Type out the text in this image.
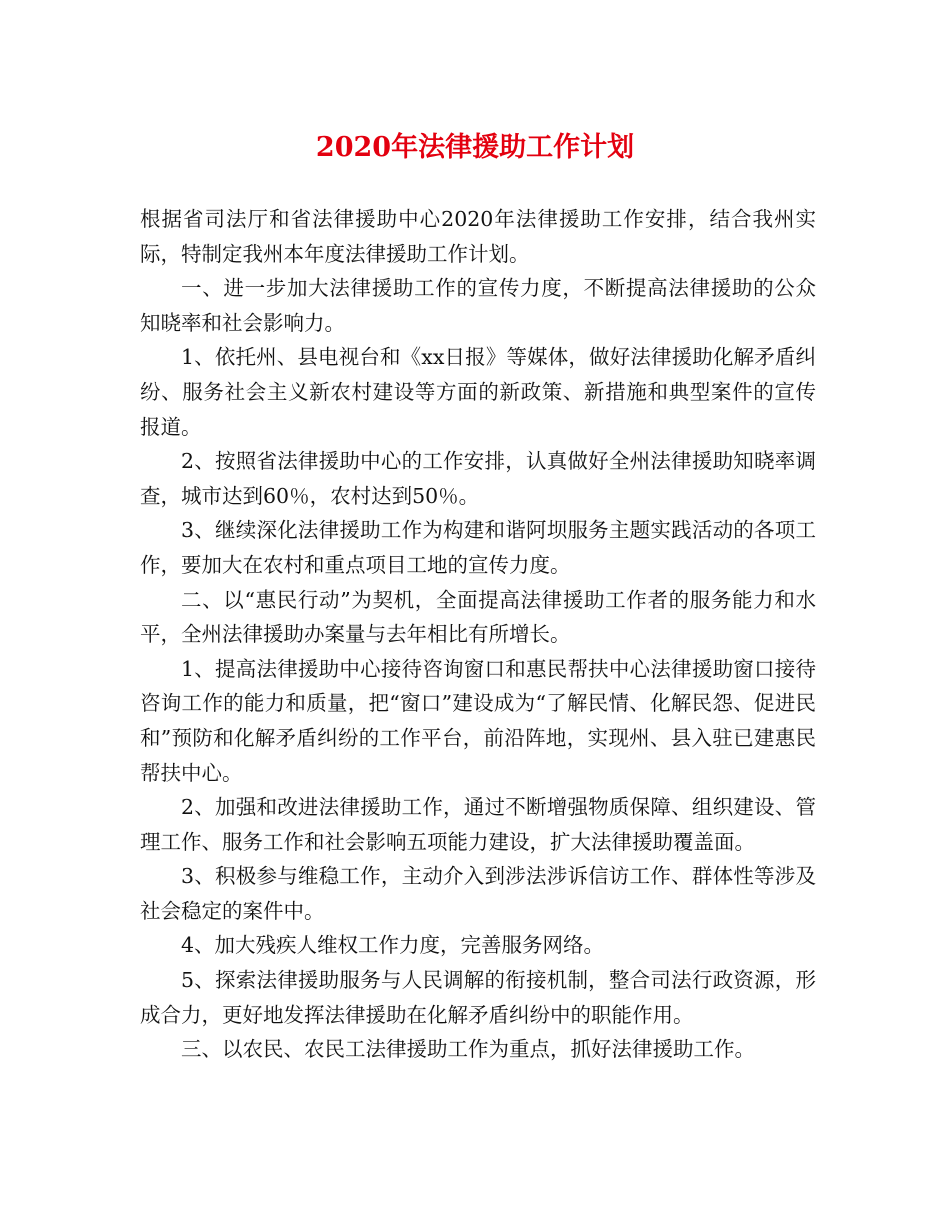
2020年法律援助工作计划

根据省司法厅和省法律援助中心2020年法律援助工作安排，结合我州实际，特制定我州本年度法律援助工作计划。

一、进一步加大法律援助工作的宣传力度，不断提高法律援助的公众知晓率和社会影响力。

1、依托州、县电视台和《xx日报》等媒体，做好法律援助化解矛盾纠纷、服务社会主义新农村建设等方面的新政策、新措施和典型案件的宣传报道。

2、按照省法律援助中心的工作安排，认真做好全州法律援助知晓率调查，城市达到60％，农村达到50％。

3、继续深化法律援助工作为构建和谐阿坝服务主题实践活动的各项工作，要加大在农村和重点项目工地的宣传力度。

二、以“惠民行动”为契机，全面提高法律援助工作者的服务能力和水平，全州法律援助办案量与去年相比有所增长。

1、提高法律援助中心接待咨询窗口和惠民帮扶中心法律援助窗口接待咨询工作的能力和质量，把“窗口”建设成为“了解民情、化解民怨、促进民和”预防和化解矛盾纠纷的工作平台，前沿阵地，实现州、县入驻已建惠民帮扶中心。

2、加强和改进法律援助工作，通过不断增强物质保障、组织建设、管理工作、服务工作和社会影响五项能力建设，扩大法律援助覆盖面。

3、积极参与维稳工作，主动介入到涉法涉诉信访工作、群体性等涉及社会稳定的案件中。

4、加大残疾人维权工作力度，完善服务网络。

5、探索法律援助服务与人民调解的衔接机制，整合司法行政资源，形成合力，更好地发挥法律援助在化解矛盾纠纷中的职能作用。

三、以农民、农民工法律援助工作为重点，抓好法律援助工作。
